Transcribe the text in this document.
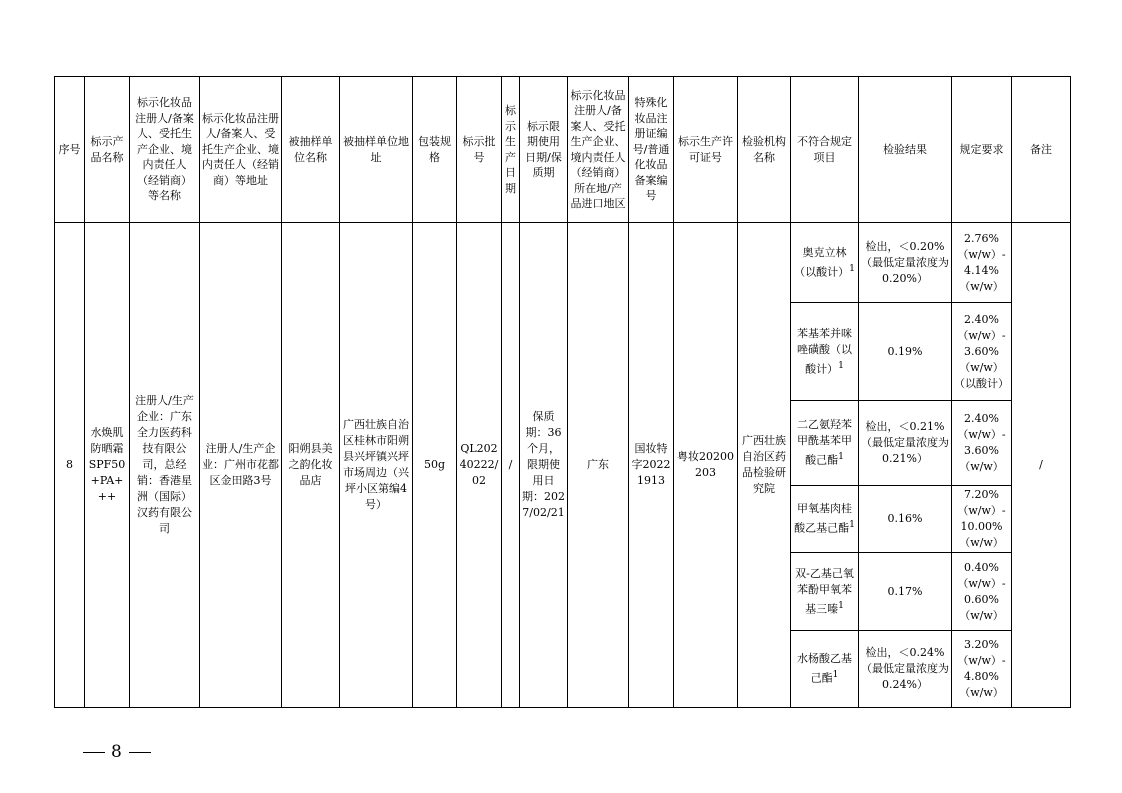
序号	标示产品名称	标示化妆品注册人/备案人、受托生产企业、境内责任人（经销商）等名称	标示化妆品注册人/备案人、受托生产企业、境内责任人（经销商）等地址	被抽样单位名称	被抽样单位地址	包装规格	标示批号	标示生产日期	标示限期使用日期/保质期	标示化妆品注册人/备案人、受托生产企业、境内责任人（经销商）所在地/产品进口地区	特殊化妆品注册证编号/普通化妆品备案编号	标示生产许可证号	检验机构名称	不符合规定项目	检验结果	规定要求	备注
8	水焕肌防晒霜SPF50+PA+++	注册人/生产企业：广东全力医药科技有限公司，总经销：香港星洲（国际）汉药有限公司	注册人/生产企业：广州市花都区金田路3号	阳朔县美之韵化妆品店	广西壮族自治区桂林市阳朔县兴坪镇兴坪市场周边（兴坪小区第编4号）	50g	QL20240222/02	/	保质期：36个月，限期使用日期：2027/02/21	广东	国妆特字20221913	粤妆20200203	广西壮族自治区药品检验研究院	奥克立林（以酸计）$^1$	检出，＜0.20%（最低定量浓度为0.20%）	2.76%（w/w）-4.14%（w/w）	/
														苯基苯并咪唑磺酸（以酸计）$^1$	0.19%	2.40%（w/w）-3.60%（w/w）（以酸计）	
														二乙氨羟苯甲酰基苯甲酸己酯$^1$	检出，＜0.21%（最低定量浓度为0.21%）	2.40%（w/w）-3.60%（w/w）	
														甲氧基肉桂酸乙基己酯$^1$	0.16%	7.20%（w/w）-10.00%（w/w）	
														双-乙基己氧苯酚甲氧苯基三嗪$^1$	0.17%	0.40%（w/w）-0.60%（w/w）	
														水杨酸乙基己酯$^1$	检出，＜0.24%（最低定量浓度为0.24%）	3.20%（w/w）-4.80%（w/w）	
8
